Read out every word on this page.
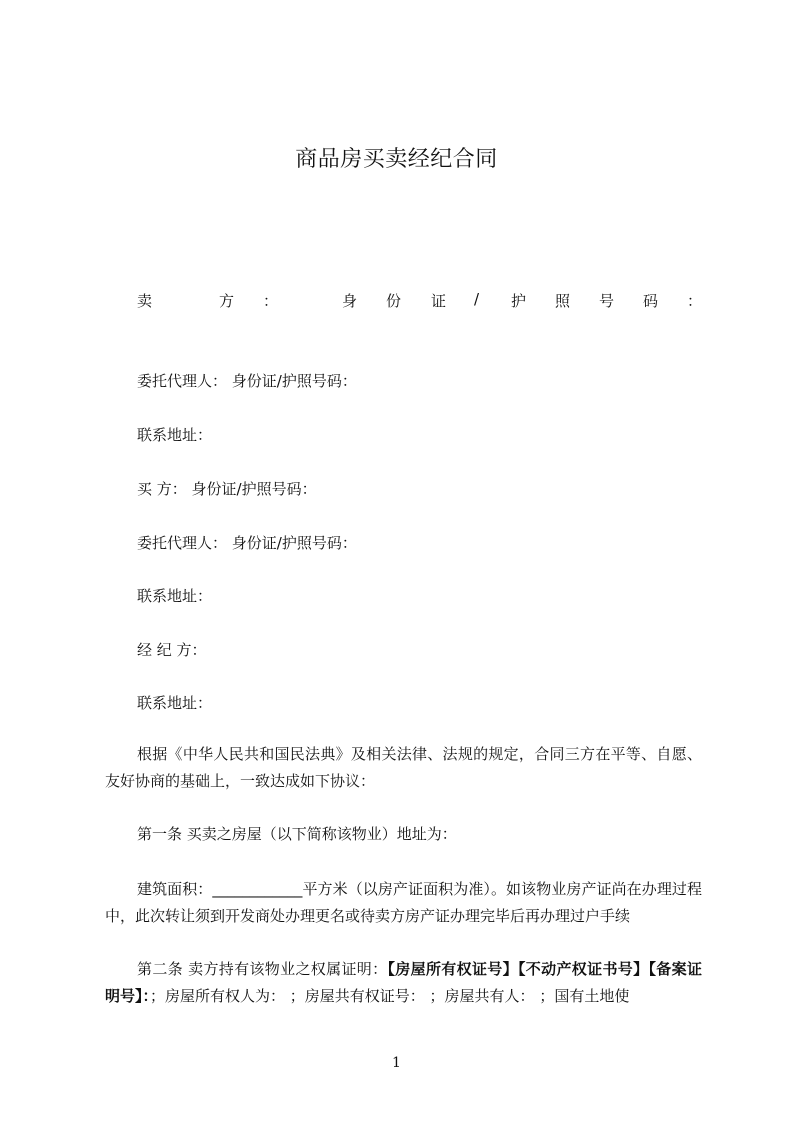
商品房买卖经纪合同
卖	方 ：	身 份 证 / 护 照 号 码 ：
委托代理人： 身份证/护照号码：
联系地址：
买 方： 身份证/护照号码：
委托代理人： 身份证/护照号码：
联系地址：
经 纪 方：
联系地址：

根据《中华人民共和国民法典》及相关法律、法规的规定，合同三方在平等、自愿、友好协商的基础上，一致达成如下协议：

第一条 买卖之房屋（以下简称该物业）地址为：

建筑面积：____________平方米（以房产证面积为准）。如该物业房产证尚在办理过程中，此次转让须到开发商处办理更名或待卖方房产证办理完毕后再办理过户手续

第二条 卖方持有该物业之权属证明：【房屋所有权证号】【不动产权证书号】【备案证明号】：；房屋所有权人为： ；房屋共有权证号： ；房屋共有人： ；国有土地使

1
